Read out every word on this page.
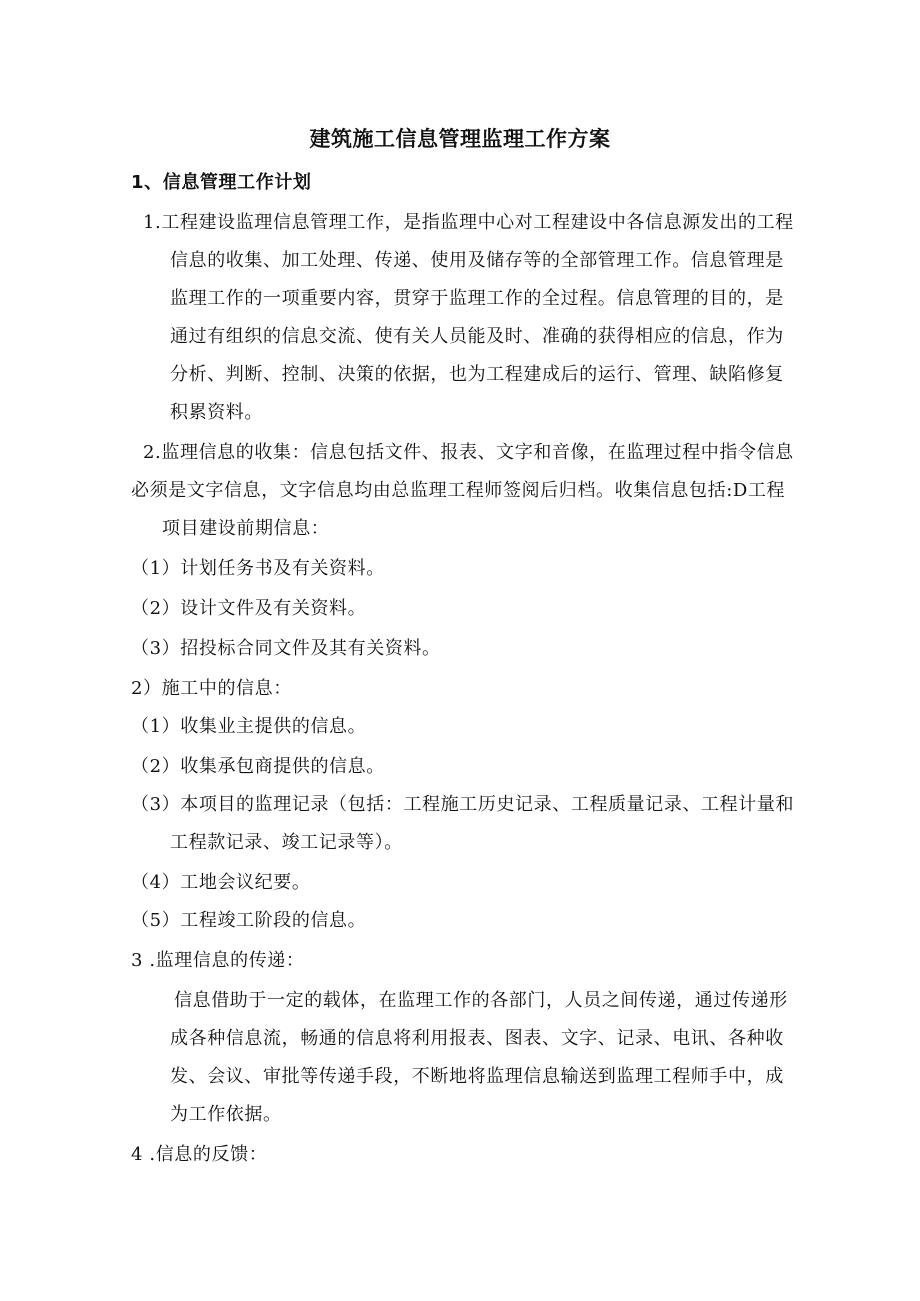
建筑施工信息管理监理工作方案
1、信息管理工作计划
1.工程建设监理信息管理工作，是指监理中心对工程建设中各信息源发出的工程
信息的收集、加工处理、传递、使用及储存等的全部管理工作。信息管理是
监理工作的一项重要内容，贯穿于监理工作的全过程。信息管理的目的，是
通过有组织的信息交流、使有关人员能及时、准确的获得相应的信息，作为
分析、判断、控制、决策的依据，也为工程建成后的运行、管理、缺陷修复
积累资料。
2.监理信息的收集：信息包括文件、报表、文字和音像，在监理过程中指令信息
必须是文字信息，文字信息均由总监理工程师签阅后归档。收集信息包括:D工程
项目建设前期信息：
（1）计划任务书及有关资料。
（2）设计文件及有关资料。
（3）招投标合同文件及其有关资料。
2）施工中的信息：
（1）收集业主提供的信息。
（2）收集承包商提供的信息。
（3）本项目的监理记录（包括：工程施工历史记录、工程质量记录、工程计量和
工程款记录、竣工记录等）。
（4）工地会议纪要。
（5）工程竣工阶段的信息。
3 .监理信息的传递：
信息借助于一定的载体，在监理工作的各部门，人员之间传递，通过传递形
成各种信息流，畅通的信息将利用报表、图表、文字、记录、电讯、各种收
发、会议、审批等传递手段，不断地将监理信息输送到监理工程师手中，成
为工作依据。
4 .信息的反馈：
